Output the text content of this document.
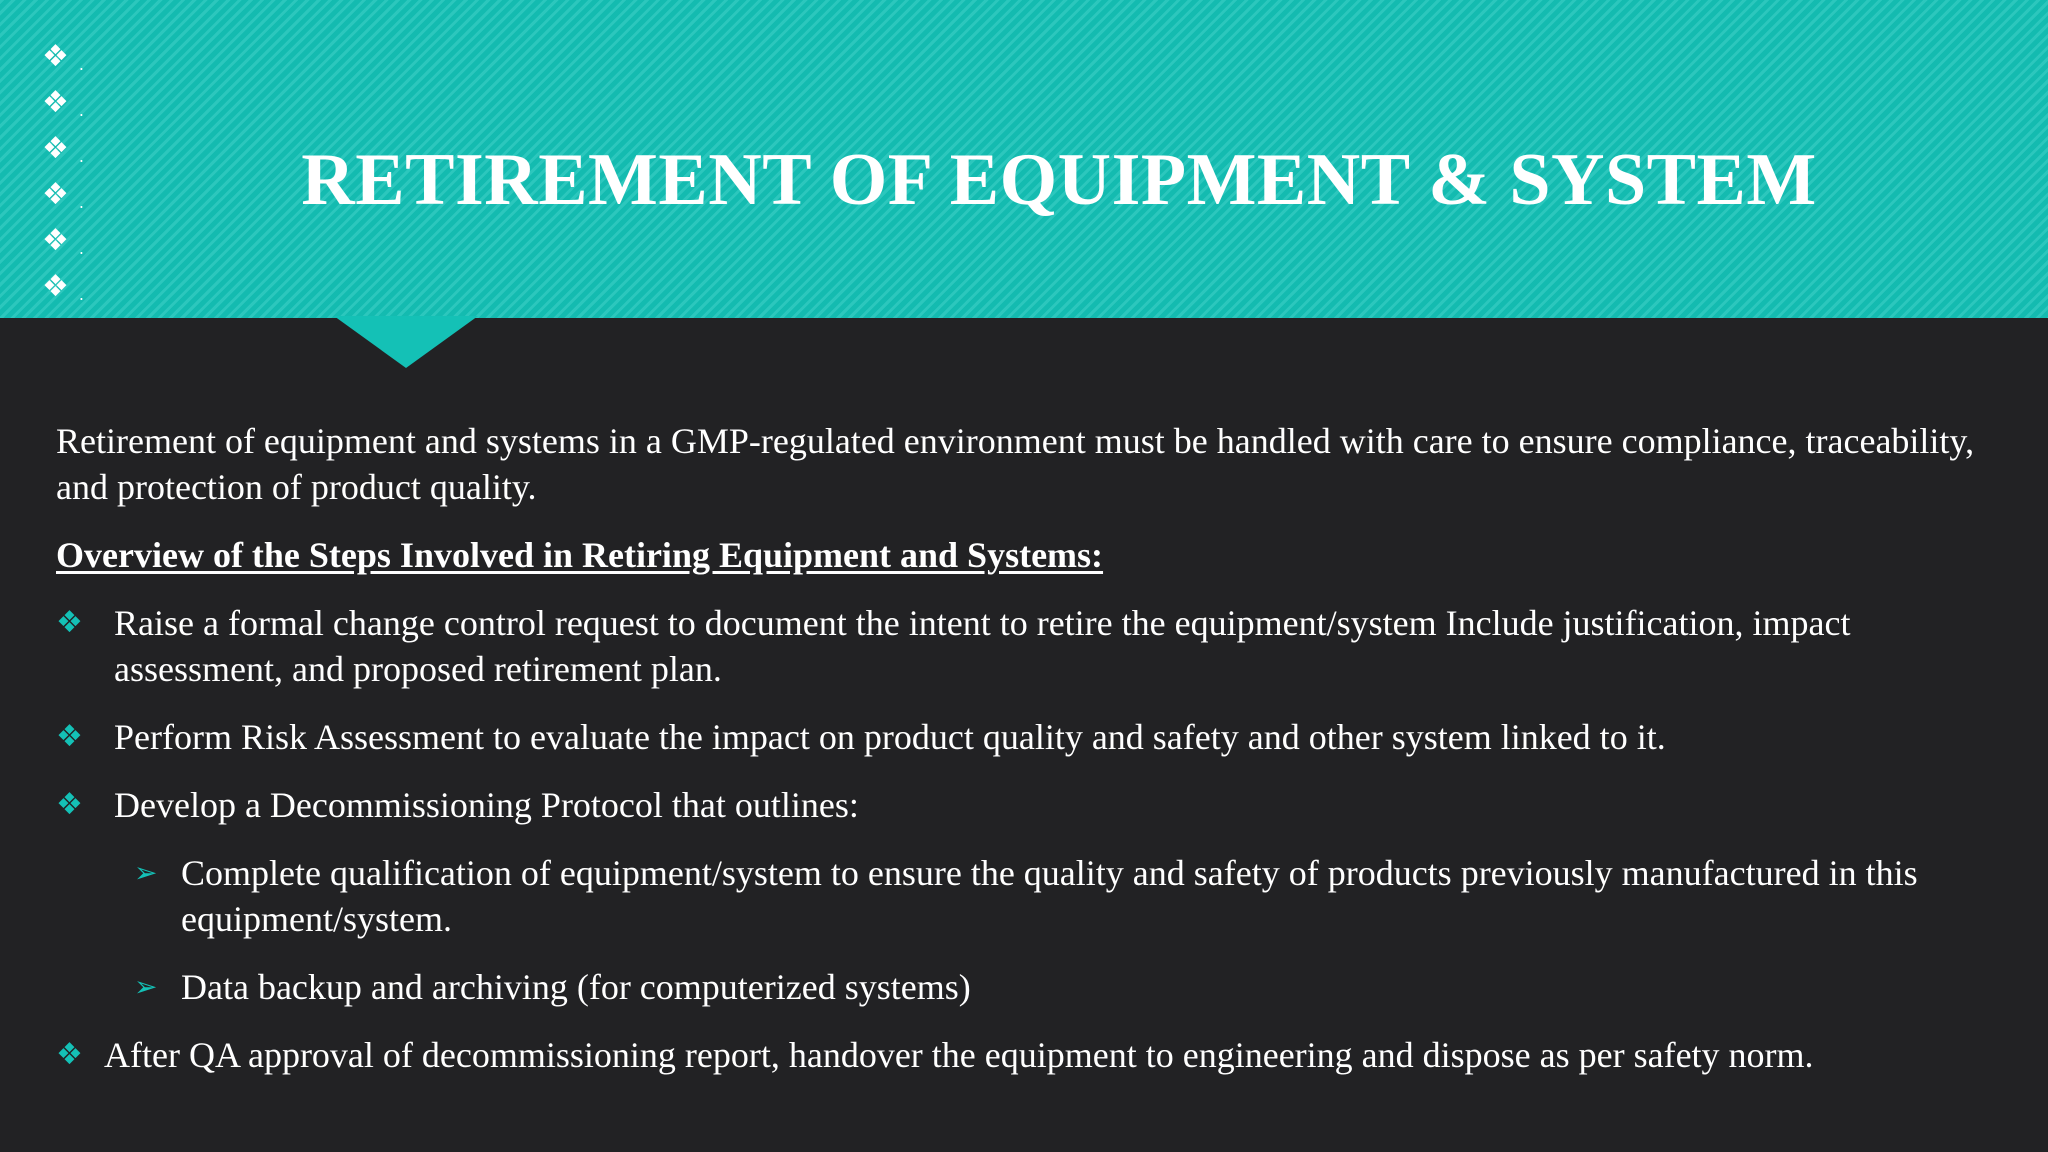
❖ .
❖ .
❖ .
❖ .
❖ .
❖ .
RETIREMENT OF EQUIPMENT & SYSTEM

Retirement of equipment and systems in a GMP-regulated environment must be handled with care to ensure compliance, traceability, and protection of product quality.

Overview of the Steps Involved in Retiring Equipment and Systems:

❖ Raise a formal change control request to document the intent to retire the equipment/system Include justification, impact assessment, and proposed retirement plan.
❖ Perform Risk Assessment to evaluate the impact on product quality and safety and other system linked to it.
❖ Develop a Decommissioning Protocol that outlines:
➢ Complete qualification of equipment/system to ensure the quality and safety of products previously manufactured in this equipment/system.
➢ Data backup and archiving (for computerized systems)
❖ After QA approval of decommissioning report, handover the equipment to engineering and dispose as per safety norm.
